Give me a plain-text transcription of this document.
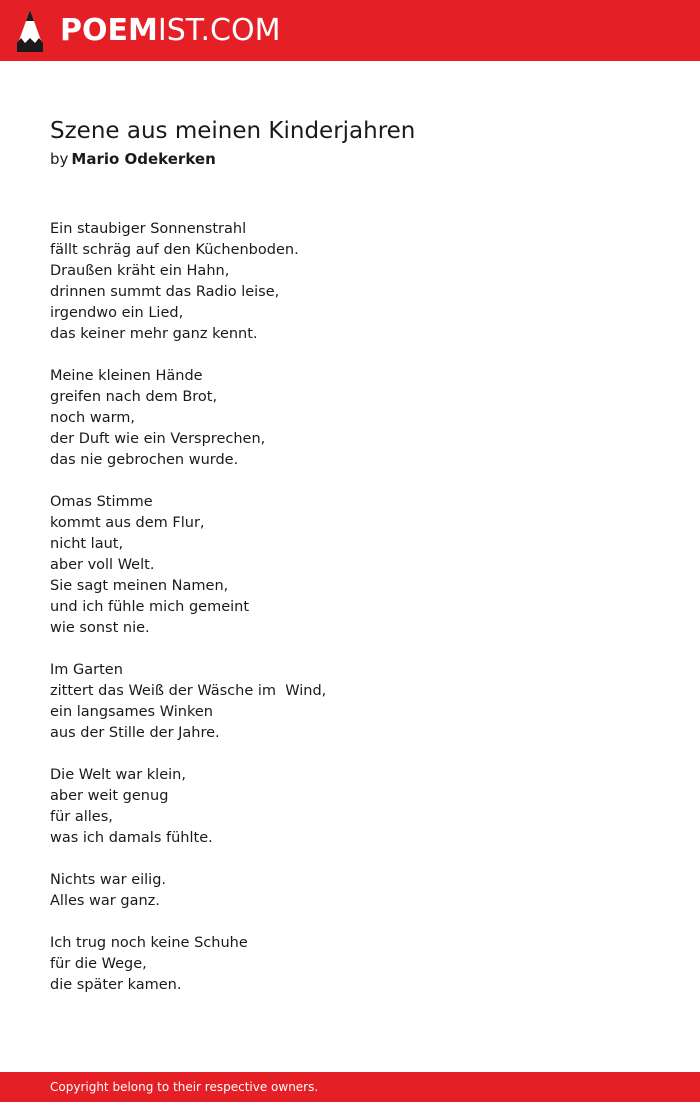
POEMIST.COM
Szene aus meinen Kinderjahren
by Mario Odekerken
Ein staubiger Sonnenstrahl
fällt schräg auf den Küchenboden.
Draußen kräht ein Hahn,
drinnen summt das Radio leise,
irgendwo ein Lied,
das keiner mehr ganz kennt.
Meine kleinen Hände
greifen nach dem Brot,
noch warm,
der Duft wie ein Versprechen,
das nie gebrochen wurde.
Omas Stimme
kommt aus dem Flur,
nicht laut,
aber voll Welt.
Sie sagt meinen Namen,
und ich fühle mich gemeint
wie sonst nie.
Im Garten
zittert das Weiß der Wäsche im  Wind,
ein langsames Winken
aus der Stille der Jahre.
Die Welt war klein,
aber weit genug
für alles,
was ich damals fühlte.
Nichts war eilig.
Alles war ganz.
Ich trug noch keine Schuhe
für die Wege,
die später kamen.
Copyright belong to their respective owners.
